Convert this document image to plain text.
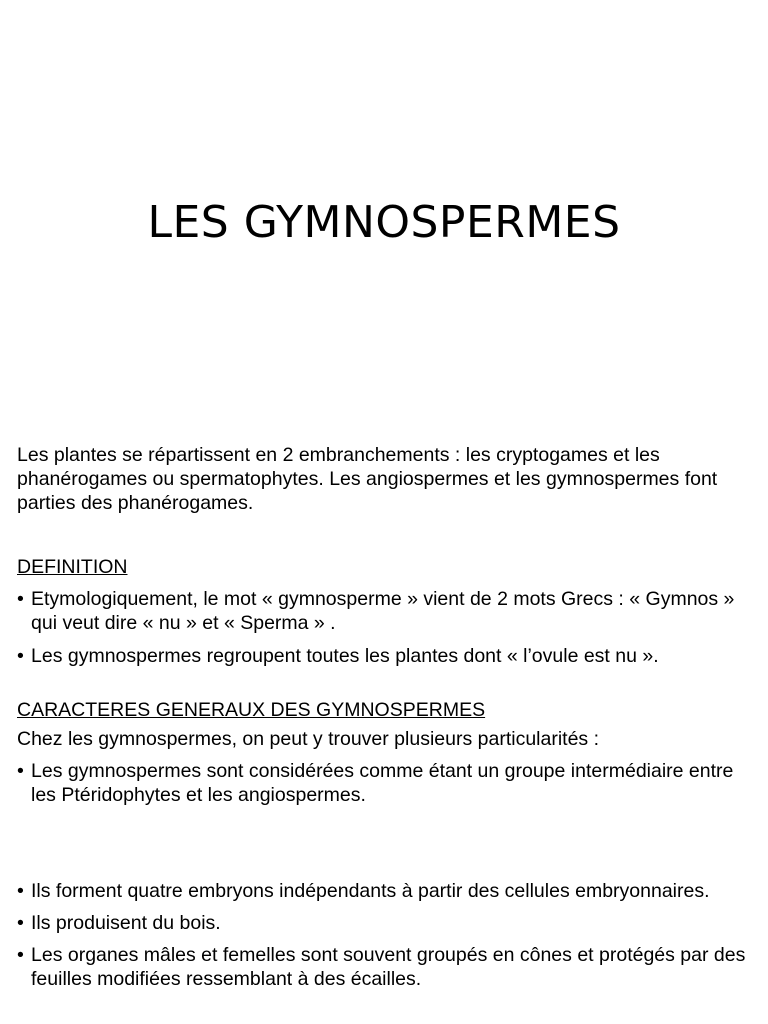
LES GYMNOSPERMES

Les plantes se répartissent en 2 embranchements : les cryptogames et les phanérogames ou spermatophytes. Les angiospermes et les gymnospermes font parties des phanérogames.

DEFINITION

• Etymologiquement, le mot « gymnosperme » vient de 2 mots Grecs : « Gymnos » qui veut dire « nu » et « Sperma » .
• Les gymnospermes regroupent toutes les plantes dont « l’ovule est nu ».

CARACTERES GENERAUX DES GYMNOSPERMES

Chez les gymnospermes, on peut y trouver plusieurs particularités :

• Les gymnospermes sont considérées comme étant un groupe intermédiaire entre les Ptéridophytes et les angiospermes.
• Ils forment quatre embryons indépendants à partir des cellules embryonnaires.
• Ils produisent du bois.
• Les organes mâles et femelles sont souvent groupés en cônes et protégés par des feuilles modifiées ressemblant à des écailles.
